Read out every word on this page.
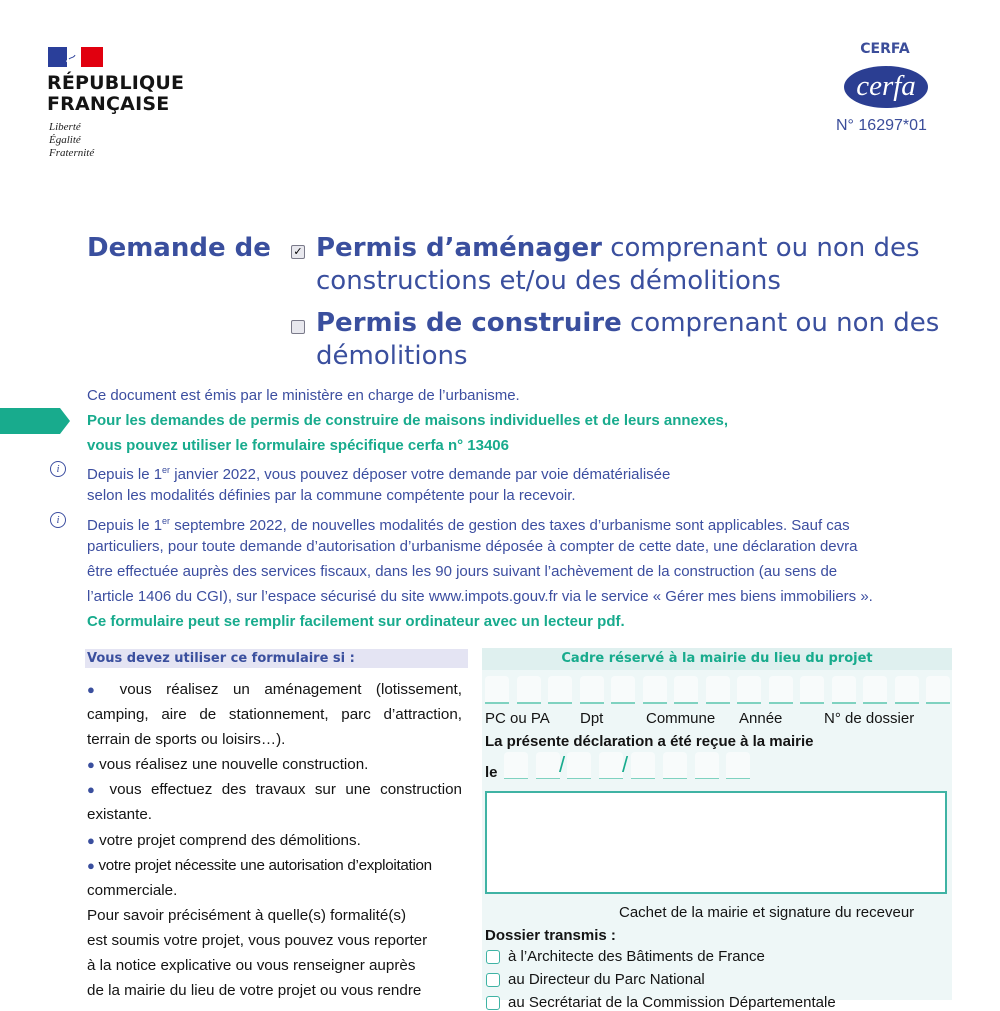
RÉPUBLIQUE
FRANÇAISE
Liberté
Égalité
Fraternité
CERFA
cerfa
N° 16297*01
Demande de ✓ Permis d’aménager comprenant ou non des constructions et/ou des démolitions
Permis de construire comprenant ou non des démolitions
Ce document est émis par le ministère en charge de l’urbanisme.
Pour les demandes de permis de construire de maisons individuelles et de leurs annexes,
vous pouvez utiliser le formulaire spécifique cerfa n° 13406
i	Depuis le 1er janvier 2022, vous pouvez déposer votre demande par voie dématérialisée
selon les modalités définies par la commune compétente pour la recevoir.
i	Depuis le 1er septembre 2022, de nouvelles modalités de gestion des taxes d’urbanisme sont applicables. Sauf cas
particuliers, pour toute demande d’autorisation d’urbanisme déposée à compter de cette date, une déclaration devra
être effectuée auprès des services fiscaux, dans les 90 jours suivant l’achèvement de la construction (au sens de
l’article 1406 du CGI), sur l’espace sécurisé du site www.impots.gouv.fr via le service « Gérer mes biens immobiliers ».
Ce formulaire peut se remplir facilement sur ordinateur avec un lecteur pdf.
Vous devez utiliser ce formulaire si :
● vous réalisez un aménagement (lotissement,
camping, aire de stationnement, parc d’attraction,
terrain de sports ou loisirs…).
● vous réalisez une nouvelle construction.
● vous effectuez des travaux sur une construction
existante.
● votre projet comprend des démolitions.
● votre projet nécessite une autorisation d’exploitation
commerciale.
Pour savoir précisément à quelle(s) formalité(s)
est soumis votre projet, vous pouvez vous reporter
à la notice explicative ou vous renseigner auprès
de la mairie du lieu de votre projet ou vous rendre
Cadre réservé à la mairie du lieu du projet
PC ou PA Dpt	Commune Année	N° de dossier
La présente déclaration a été reçue à la mairie
le	/	/
Cachet de la mairie et signature du receveur
Dossier transmis :
à l’Architecte des Bâtiments de France
au Directeur du Parc National
au Secrétariat de la Commission Départementale
